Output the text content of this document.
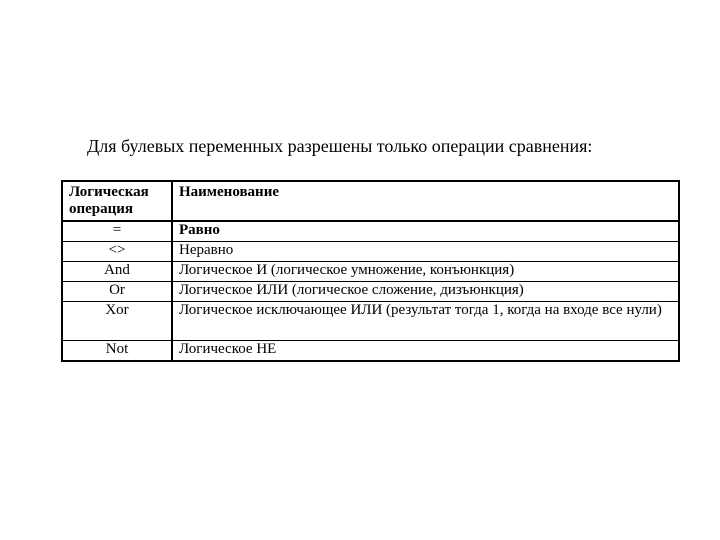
Для булевых переменных разрешены только операции сравнения:
Логическая операция	Наименование
=	Равно
<>	Неравно
And	Логическое И (логическое умножение, конъюнкция)
Or	Логическое ИЛИ (логическое сложение, дизъюнкция)
Xor	Логическое исключающее ИЛИ (результат тогда 1, когда на входе все нули)
Not	Логическое НЕ
